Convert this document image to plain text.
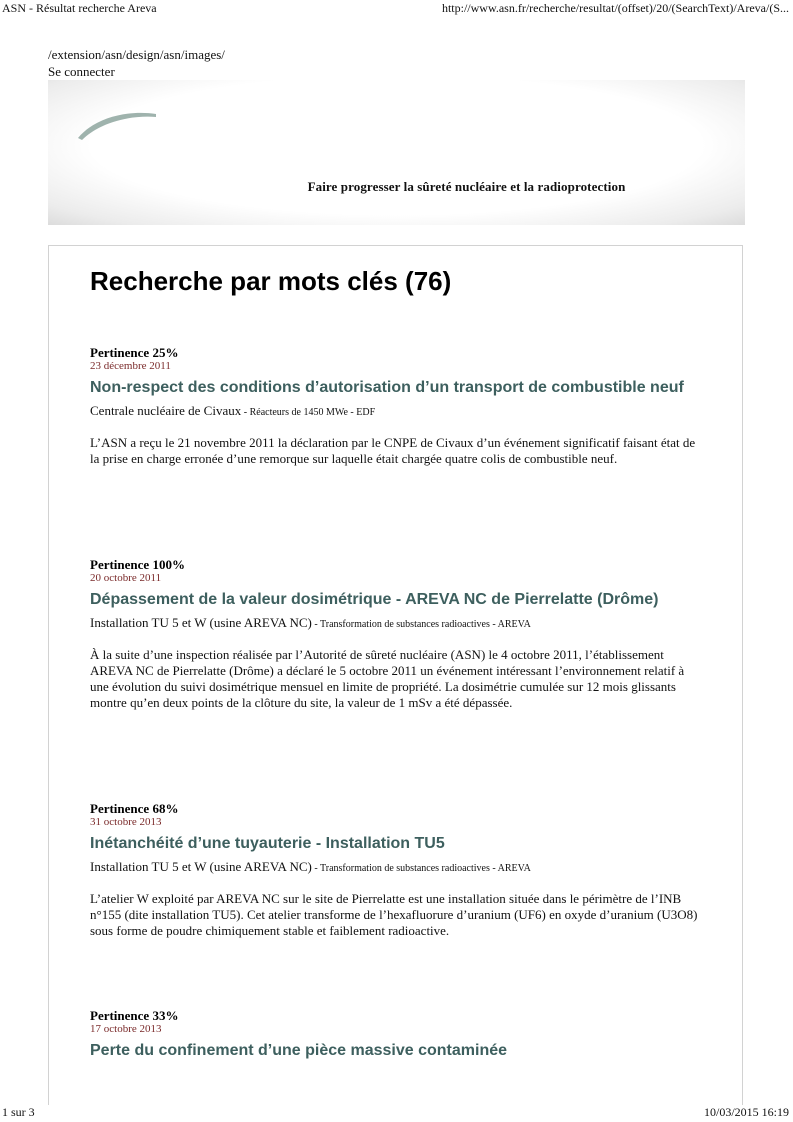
ASN - Résultat recherche Areva	http://www.asn.fr/recherche/resultat/(offset)/20/(SearchText)/Areva/(S...
/extension/asn/design/asn/images/
Se connecter
Faire progresser la sûreté nucléaire et la radioprotection
Recherche par mots clés (76)
Pertinence 25%
23 décembre 2011
Non-respect des conditions d’autorisation d’un transport de combustible neuf
Centrale nucléaire de Civaux - Réacteurs de 1450 MWe - EDF
L’ASN a reçu le 21 novembre 2011 la déclaration par le CNPE de Civaux d’un événement significatif faisant état de la prise en charge erronée d’une remorque sur laquelle était chargée quatre colis de combustible neuf.
Pertinence 100%
20 octobre 2011
Dépassement de la valeur dosimétrique - AREVA NC de Pierrelatte (Drôme)
Installation TU 5 et W (usine AREVA NC) - Transformation de substances radioactives - AREVA
À la suite d’une inspection réalisée par l’Autorité de sûreté nucléaire (ASN) le 4 octobre 2011, l’établissement AREVA NC de Pierrelatte (Drôme) a déclaré le 5 octobre 2011 un événement intéressant l’environnement relatif à une évolution du suivi dosimétrique mensuel en limite de propriété. La dosimétrie cumulée sur 12 mois glissants montre qu’en deux points de la clôture du site, la valeur de 1 mSv a été dépassée.
Pertinence 68%
31 octobre 2013
Inétanchéité d’une tuyauterie - Installation TU5
Installation TU 5 et W (usine AREVA NC) - Transformation de substances radioactives - AREVA
L’atelier W exploité par AREVA NC sur le site de Pierrelatte est une installation située dans le périmètre de l’INB n°155 (dite installation TU5). Cet atelier transforme de l’hexafluorure d’uranium (UF6) en oxyde d’uranium (U3O8) sous forme de poudre chimiquement stable et faiblement radioactive.
Pertinence 33%
17 octobre 2013
Perte du confinement d’une pièce massive contaminée
1 sur 3	10/03/2015 16:19
